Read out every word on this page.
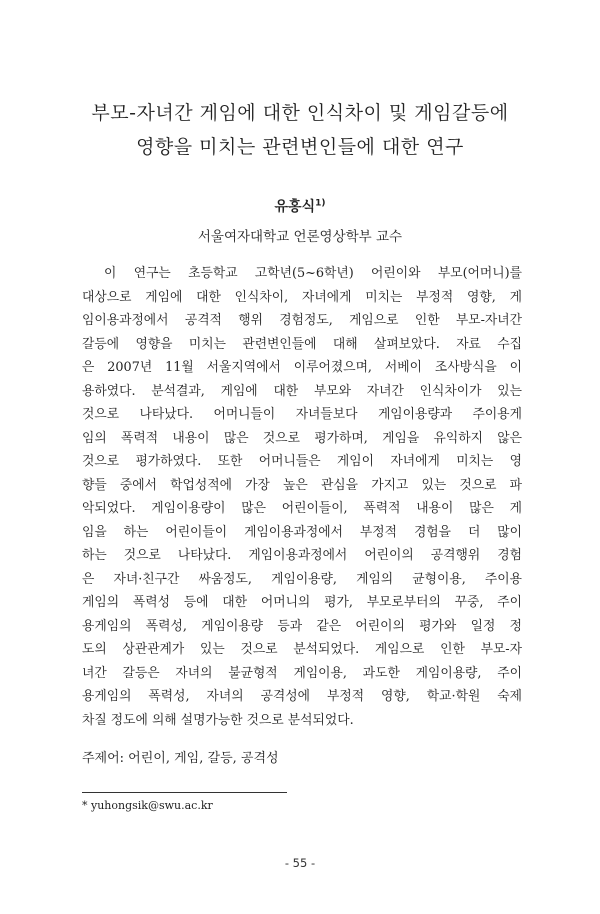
부모-자녀간 게임에 대한 인식차이 및 게임갈등에
영향을 미치는 관련변인들에 대한 연구
유홍식$^{1)}$
서울여자대학교 언론영상학부 교수
이 연구는 초등학교 고학년(5~6학년) 어린이와 부모(어머니)를
대상으로 게임에 대한 인식차이, 자녀에게 미치는 부정적 영향, 게
임이용과정에서 공격적 행위 경험정도, 게임으로 인한 부모-자녀간
갈등에 영향을 미치는 관련변인들에 대해 살펴보았다. 자료 수집
은 2007년 11월 서울지역에서 이루어졌으며, 서베이 조사방식을 이
용하였다. 분석결과, 게임에 대한 부모와 자녀간 인식차이가 있는
것으로 나타났다. 어머니들이 자녀들보다 게임이용량과 주이용게
임의 폭력적 내용이 많은 것으로 평가하며, 게임을 유익하지 않은
것으로 평가하였다. 또한 어머니들은 게임이 자녀에게 미치는 영
향들 중에서 학업성적에 가장 높은 관심을 가지고 있는 것으로 파
악되었다. 게임이용량이 많은 어린이들이, 폭력적 내용이 많은 게
임을 하는 어린이들이 게임이용과정에서 부정적 경험을 더 많이
하는 것으로 나타났다. 게임이용과정에서 어린이의 공격행위 경험
은 자녀·친구간 싸움정도, 게임이용량, 게임의 균형이용, 주이용
게임의 폭력성 등에 대한 어머니의 평가, 부모로부터의 꾸중, 주이
용게임의 폭력성, 게임이용량 등과 같은 어린이의 평가와 일정 정
도의 상관관계가 있는 것으로 분석되었다. 게임으로 인한 부모-자
녀간 갈등은 자녀의 불균형적 게임이용, 과도한 게임이용량, 주이
용게임의 폭력성, 자녀의 공격성에 부정적 영향, 학교·학원 숙제
차질 정도에 의해 설명가능한 것으로 분석되었다.
주제어: 어린이, 게임, 갈등, 공격성
* yuhongsik@swu.ac.kr
- 55 -
